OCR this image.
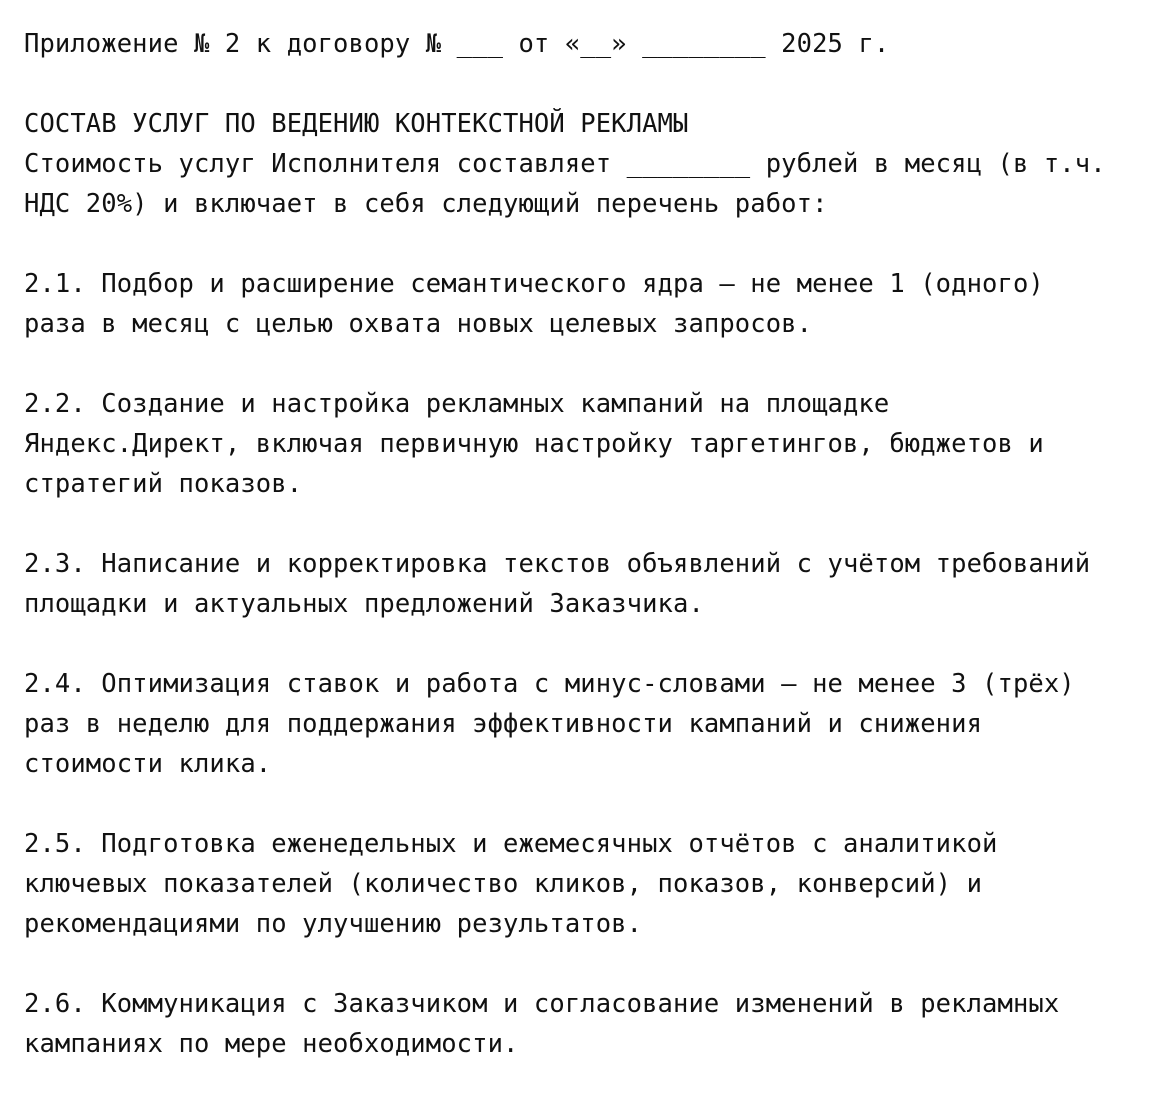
Приложение № 2 к договору № ___ от «__» ________ 2025 г.
СОСТАВ УСЛУГ ПО ВЕДЕНИЮ КОНТЕКСТНОЙ РЕКЛАМЫ
Стоимость услуг Исполнителя составляет ________ рублей в месяц (в т.ч.
НДС 20%) и включает в себя следующий перечень работ:
2.1. Подбор и расширение семантического ядра — не менее 1 (одного)
раза в месяц с целью охвата новых целевых запросов.
2.2. Создание и настройка рекламных кампаний на площадке
Яндекс.Директ, включая первичную настройку таргетингов, бюджетов и
стратегий показов.
2.3. Написание и корректировка текстов объявлений с учётом требований
площадки и актуальных предложений Заказчика.
2.4. Оптимизация ставок и работа с минус-словами — не менее 3 (трёх)
раз в неделю для поддержания эффективности кампаний и снижения
стоимости клика.
2.5. Подготовка еженедельных и ежемесячных отчётов с аналитикой
ключевых показателей (количество кликов, показов, конверсий) и
рекомендациями по улучшению результатов.
2.6. Коммуникация с Заказчиком и согласование изменений в рекламных
кампаниях по мере необходимости.
